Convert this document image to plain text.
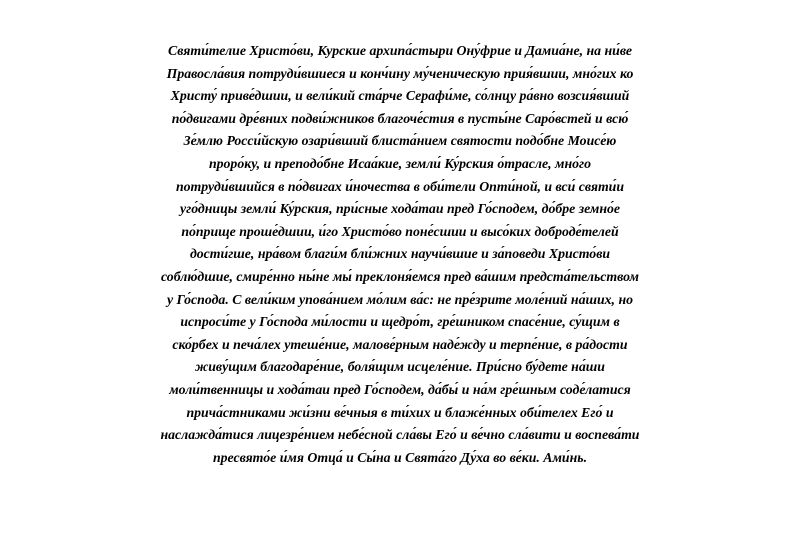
Святи́телие Христо́ви, Курские архипа́стыри Ону́фрие и Дамиа́не, на ни́ве
Правосла́вия потруди́вшиеся и конч́ину му́ченическую прия́вшии, мно́гих ко
Христу́ приве́дшии, и вели́кий ста́рче Серафи́ме, со́лнцу ра́вно возсия́вший
по́двигами дре́вних подви́жников благоче́стия в пусты́не Саро́встей и всю́
Зе́млю Росси́йскую озари́вший блиста́нием святости подо́бне Моисе́ю
проро́ку, и преподо́бне Исаа́кие, земли́ Ку́рския о́трасле, мно́го
потруди́вшийся в по́двигах и́ночества в оби́тели Опти́ной, и вси́ святи́и
уго́дницы земли́ Ку́рския, при́сные хода́таи пред Го́сподем, до́бре земно́е
по́прище проше́дшии, и́го Христо́во поне́сшии и высо́ких доброде́телей
дости́гше, нра́вом благи́м бли́жних научи́вшие и за́поведи Христо́ви
соблю́дшие, смире́нно ны́не мы́ преклоня́емся пред ва́шим предста́тельством
у Го́спода. С вели́ким упова́нием мо́лим ва́с: не пре́зрите моле́ний на́ших, но
испроси́те у Го́спода ми́лости и щедро́т, гре́шником спасе́ние, су́щим в
ско́рбех и печа́лех утеше́ние, малове́рным наде́жду и терпе́ние, в ра́дости
живу́щим благодаре́ние, боля́щим исцеле́ние. При́сно бу́дете на́ши
моли́твенницы и хода́таи пред Го́сподем, да́бы́ и на́м гре́шным соде́латися
прича́стниками жи́зни ве́чныя в ти́хих и блаже́нных оби́телех Его́ и
наслажда́тися лицезре́нием небе́сной сла́вы Его́ и ве́чно сла́вити и воспева́ти
пресвято́е и́мя Отца́ и Сы́на и Свята́го Ду́ха во ве́ки. Ами́нь.
